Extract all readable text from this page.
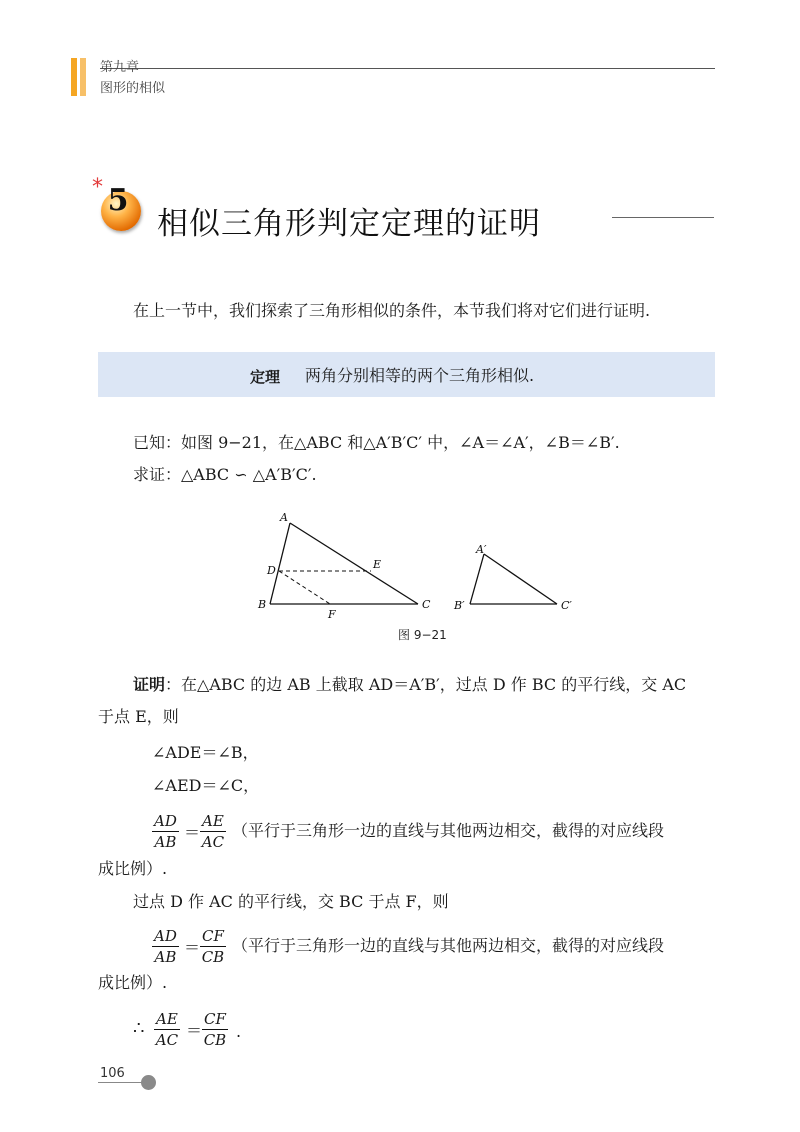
第九章
图形的相似
* 5
相似三角形判定定理的证明
在上一节中，我们探索了三角形相似的条件，本节我们将对它们进行证明.
定理 两角分别相等的两个三角形相似.
已知：如图 9−21，在△ABC 和△A′B′C′ 中，∠A＝∠A′，∠B＝∠B′.
求证：△ABC ∽ △A′B′C′.
A
B	C
D	E
F
A′
B′	C′
图 9−21
证明：在△ABC 的边 AB 上截取 AD＝A′B′，过点 D 作 BC 的平行线，交 AC
于点 E，则
∠ADE＝∠B，
∠AED＝∠C，
$\frac{AD}{AB} = \frac{AE}{AC}$ （平行于三角形一边的直线与其他两边相交，截得的对应线段
成比例）.
过点 D 作 AC 的平行线，交 BC 于点 F，则
$\frac{AD}{AB} = \frac{CF}{CB}$ （平行于三角形一边的直线与其他两边相交，截得的对应线段
成比例）.
∴ $\frac{AE}{AC} = \frac{CF}{CB}$ .
106
